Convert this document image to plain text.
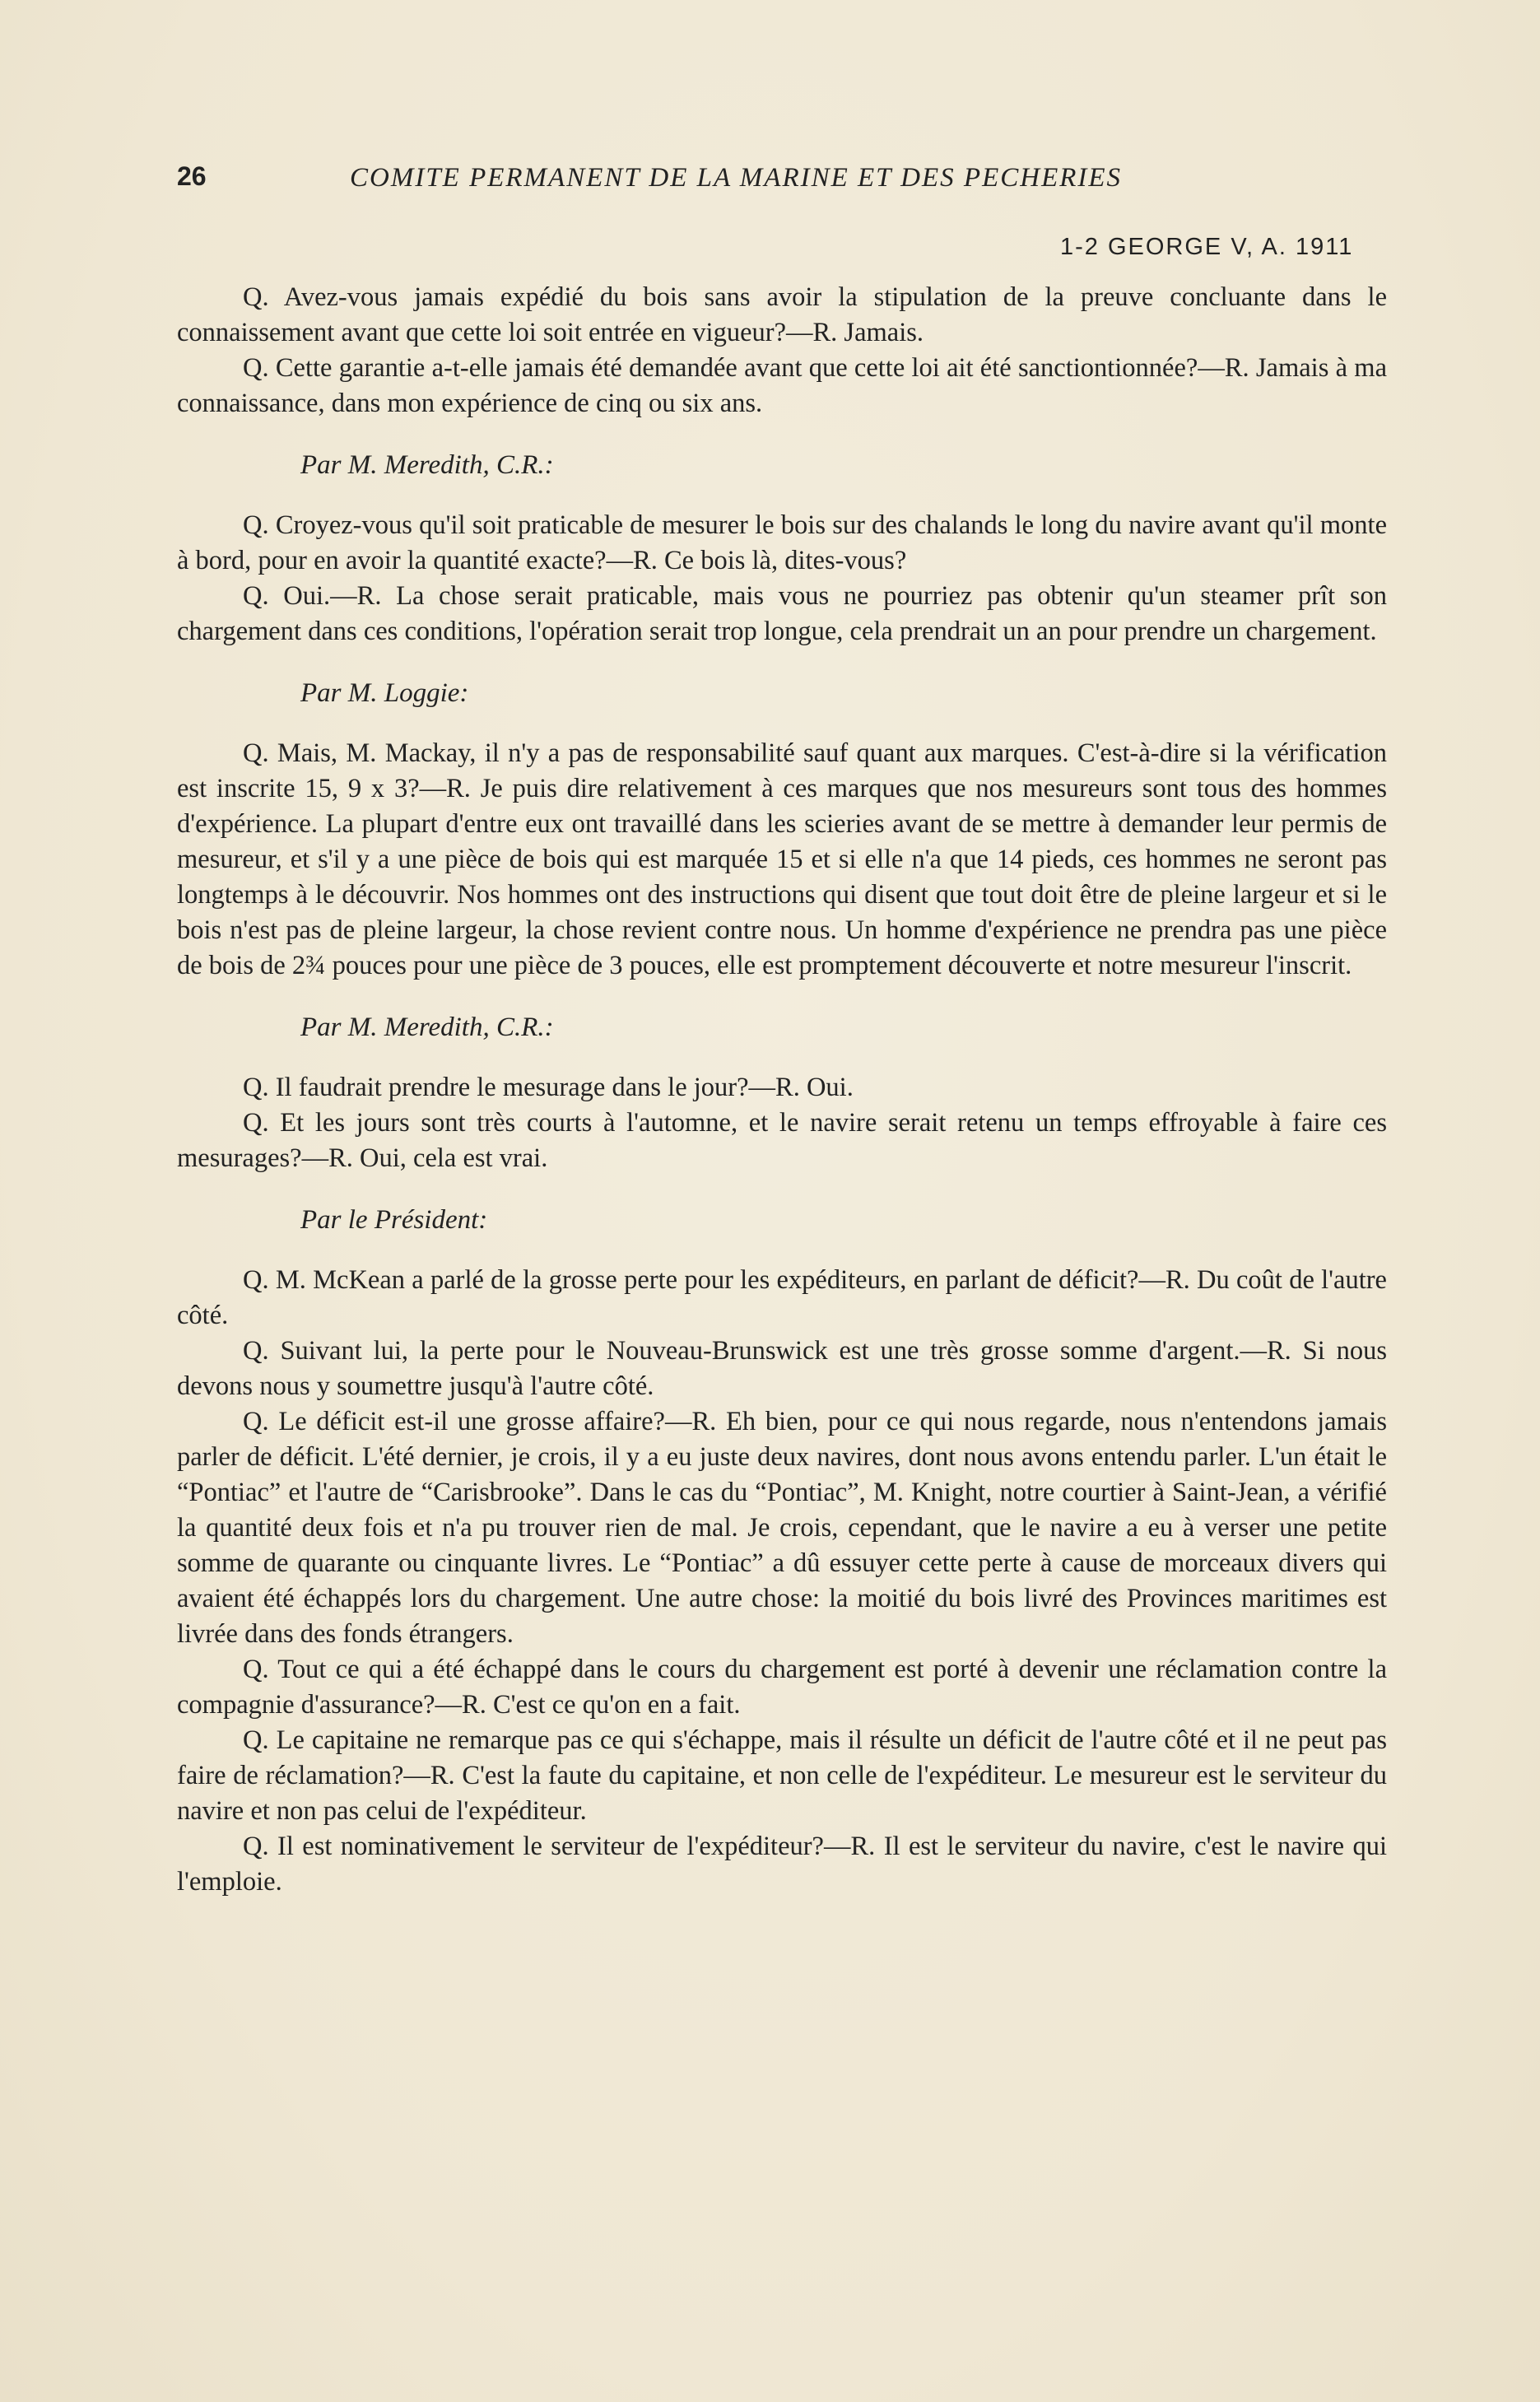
26	COMITE PERMANENT DE LA MARINE ET DES PECHERIES
1-2 GEORGE V, A. 1911

Q. Avez-vous jamais expédié du bois sans avoir la stipulation de la preuve concluante dans le connaissement avant que cette loi soit entrée en vigueur?—R. Jamais.

Q. Cette garantie a-t-elle jamais été demandée avant que cette loi ait été sanctiontionnée?—R. Jamais à ma connaissance, dans mon expérience de cinq ou six ans.

Par M. Meredith, C.R.:

Q. Croyez-vous qu'il soit praticable de mesurer le bois sur des chalands le long du navire avant qu'il monte à bord, pour en avoir la quantité exacte?—R. Ce bois là, dites-vous?

Q. Oui.—R. La chose serait praticable, mais vous ne pourriez pas obtenir qu'un steamer prît son chargement dans ces conditions, l'opération serait trop longue, cela prendrait un an pour prendre un chargement.

Par M. Loggie:

Q. Mais, M. Mackay, il n'y a pas de responsabilité sauf quant aux marques. C'est-à-dire si la vérification est inscrite 15, 9 x 3?—R. Je puis dire relativement à ces marques que nos mesureurs sont tous des hommes d'expérience. La plupart d'entre eux ont travaillé dans les scieries avant de se mettre à demander leur permis de mesureur, et s'il y a une pièce de bois qui est marquée 15 et si elle n'a que 14 pieds, ces hommes ne seront pas longtemps à le découvrir. Nos hommes ont des instructions qui disent que tout doit être de pleine largeur et si le bois n'est pas de pleine largeur, la chose revient contre nous. Un homme d'expérience ne prendra pas une pièce de bois de 2¾ pouces pour une pièce de 3 pouces, elle est promptement découverte et notre mesureur l'inscrit.

Par M. Meredith, C.R.:

Q. Il faudrait prendre le mesurage dans le jour?—R. Oui.

Q. Et les jours sont très courts à l'automne, et le navire serait retenu un temps effroyable à faire ces mesurages?—R. Oui, cela est vrai.

Par le Président:

Q. M. McKean a parlé de la grosse perte pour les expéditeurs, en parlant de déficit?—R. Du coût de l'autre côté.

Q. Suivant lui, la perte pour le Nouveau-Brunswick est une très grosse somme d'argent.—R. Si nous devons nous y soumettre jusqu'à l'autre côté.

Q. Le déficit est-il une grosse affaire?—R. Eh bien, pour ce qui nous regarde, nous n'entendons jamais parler de déficit. L'été dernier, je crois, il y a eu juste deux navires, dont nous avons entendu parler. L'un était le “Pontiac” et l'autre de “Carisbrooke”. Dans le cas du “Pontiac”, M. Knight, notre courtier à Saint-Jean, a vérifié la quantité deux fois et n'a pu trouver rien de mal. Je crois, cependant, que le navire a eu à verser une petite somme de quarante ou cinquante livres. Le “Pontiac” a dû essuyer cette perte à cause de morceaux divers qui avaient été échappés lors du chargement. Une autre chose: la moitié du bois livré des Provinces maritimes est livrée dans des fonds étrangers.

Q. Tout ce qui a été échappé dans le cours du chargement est porté à devenir une réclamation contre la compagnie d'assurance?—R. C'est ce qu'on en a fait.

Q. Le capitaine ne remarque pas ce qui s'échappe, mais il résulte un déficit de l'autre côté et il ne peut pas faire de réclamation?—R. C'est la faute du capitaine, et non celle de l'expéditeur. Le mesureur est le serviteur du navire et non pas celui de l'expéditeur.

Q. Il est nominativement le serviteur de l'expéditeur?—R. Il est le serviteur du navire, c'est le navire qui l'emploie.
